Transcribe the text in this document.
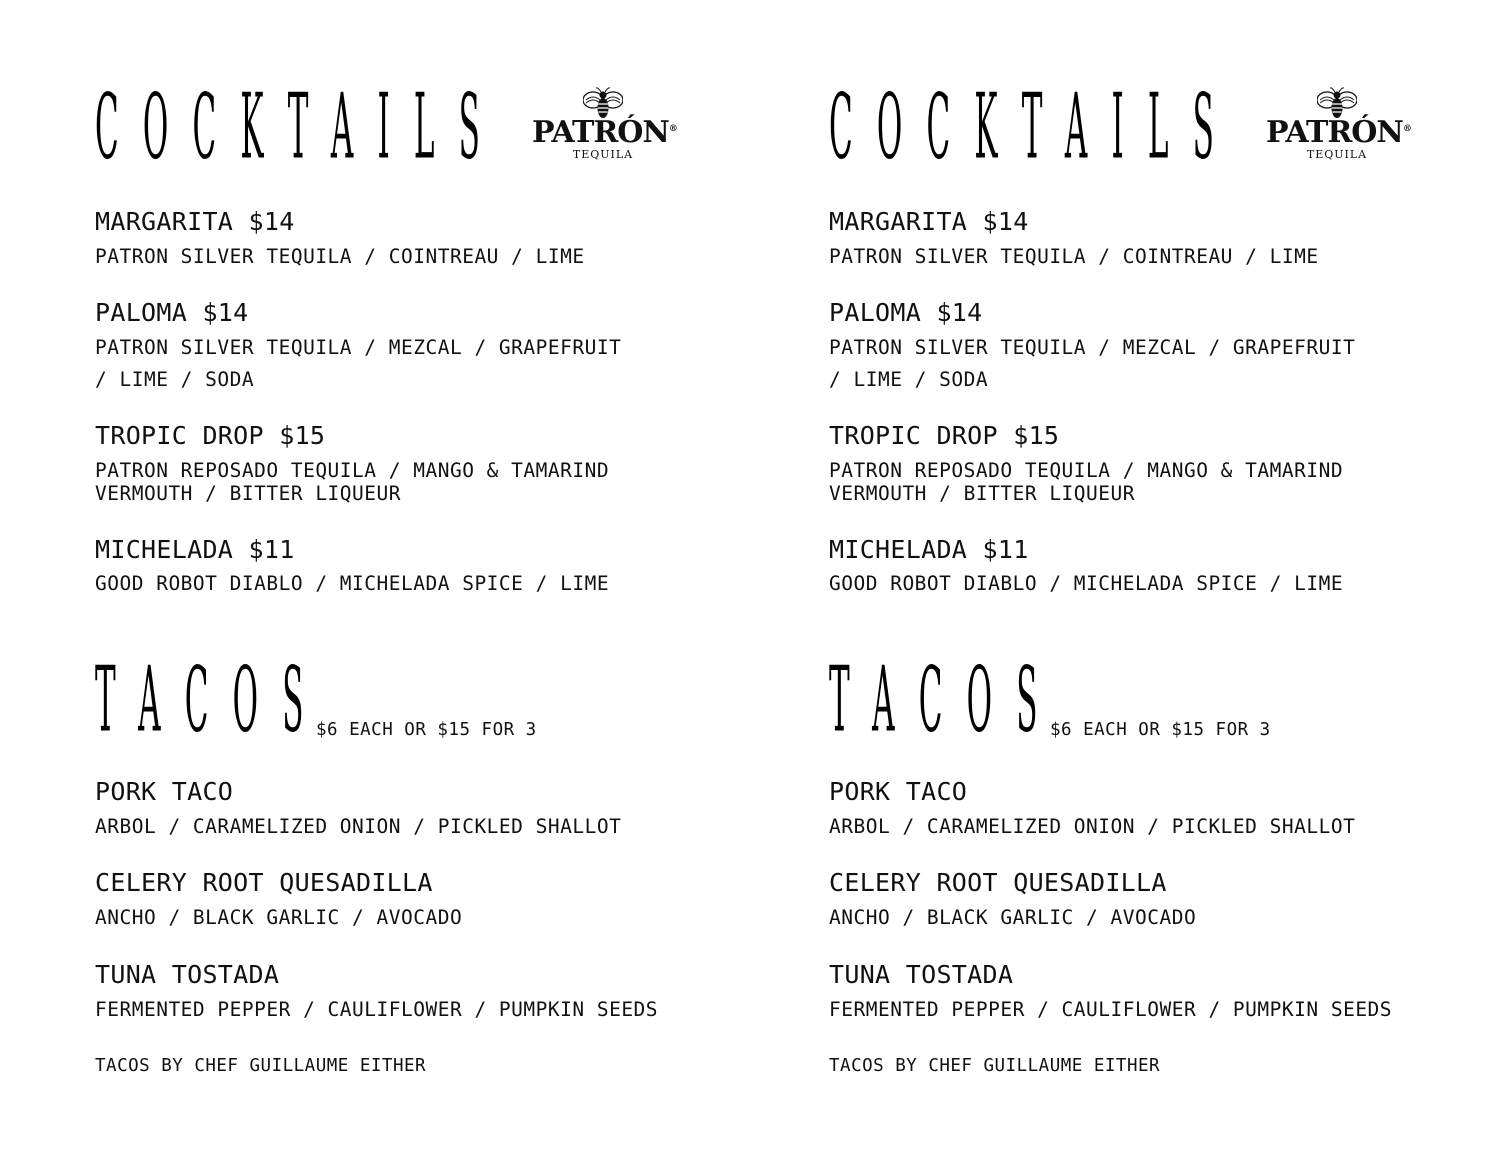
COCKTAILS PATRÓN®
TEQUILA
MARGARITA $14
PATRON SILVER TEQUILA / COINTREAU / LIME
PALOMA $14
PATRON SILVER TEQUILA / MEZCAL / GRAPEFRUIT
/ LIME / SODA
TROPIC DROP $15
PATRON REPOSADO TEQUILA / MANGO & TAMARIND
VERMOUTH / BITTER LIQUEUR
MICHELADA $11
GOOD ROBOT DIABLO / MICHELADA SPICE / LIME
TACOS
$6 EACH OR $15 FOR 3
PORK TACO
ARBOL / CARAMELIZED ONION / PICKLED SHALLOT
CELERY ROOT QUESADILLA
ANCHO / BLACK GARLIC / AVOCADO
TUNA TOSTADA
FERMENTED PEPPER / CAULIFLOWER / PUMPKIN SEEDS
TACOS BY CHEF GUILLAUME EITHER
COCKTAILS PATRÓN®
TEQUILA
MARGARITA $14
PATRON SILVER TEQUILA / COINTREAU / LIME
PALOMA $14
PATRON SILVER TEQUILA / MEZCAL / GRAPEFRUIT
/ LIME / SODA
TROPIC DROP $15
PATRON REPOSADO TEQUILA / MANGO & TAMARIND
VERMOUTH / BITTER LIQUEUR
MICHELADA $11
GOOD ROBOT DIABLO / MICHELADA SPICE / LIME
TACOS
$6 EACH OR $15 FOR 3
PORK TACO
ARBOL / CARAMELIZED ONION / PICKLED SHALLOT
CELERY ROOT QUESADILLA
ANCHO / BLACK GARLIC / AVOCADO
TUNA TOSTADA
FERMENTED PEPPER / CAULIFLOWER / PUMPKIN SEEDS
TACOS BY CHEF GUILLAUME EITHER
